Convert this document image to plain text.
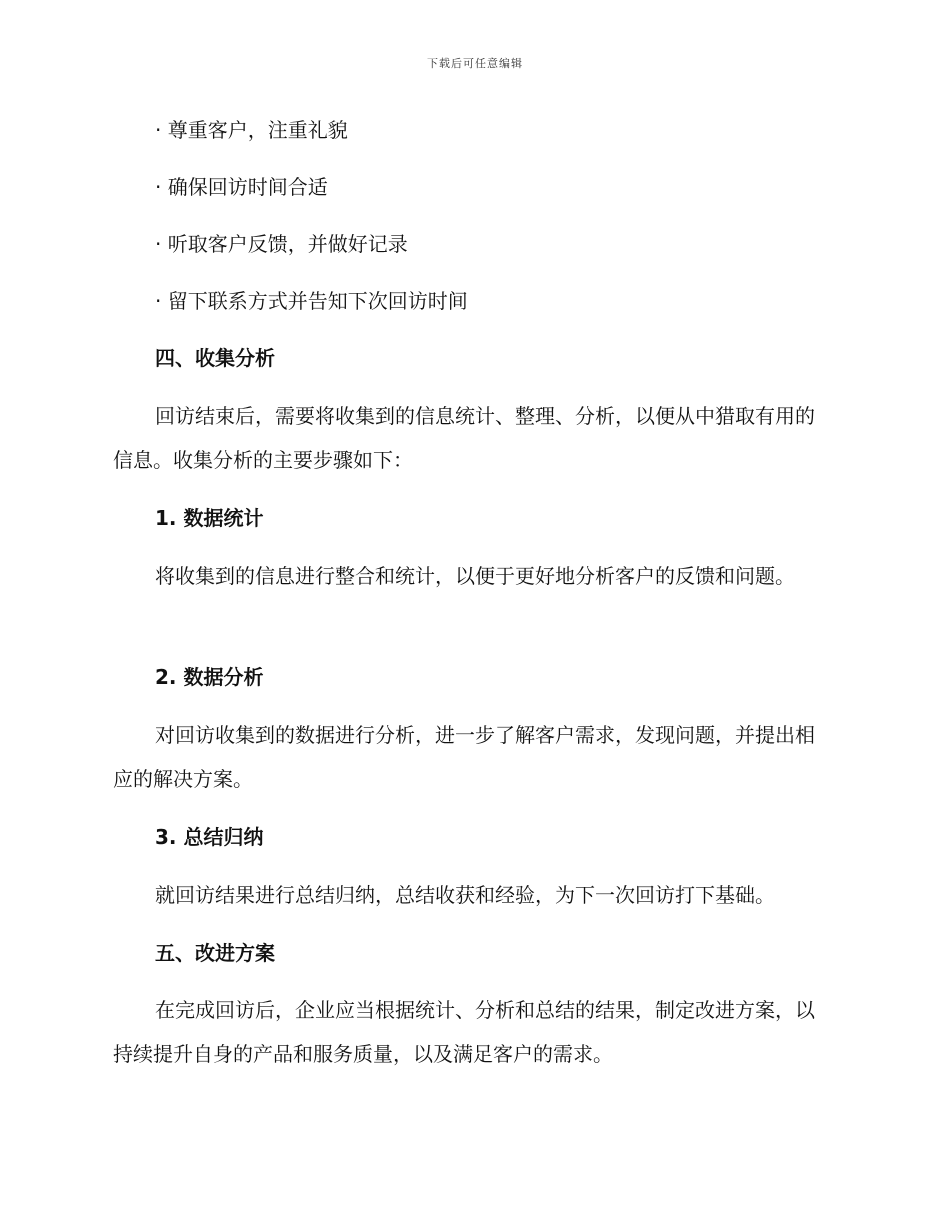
下载后可任意编辑
· 尊重客户，注重礼貌
· 确保回访时间合适
· 听取客户反馈，并做好记录
· 留下联系方式并告知下次回访时间
四、收集分析
回访结束后，需要将收集到的信息统计、整理、分析，以便从中猎取有用的信息。收集分析的主要步骤如下：
1. 数据统计
将收集到的信息进行整合和统计，以便于更好地分析客户的反馈和问题。
2. 数据分析
对回访收集到的数据进行分析，进一步了解客户需求，发现问题，并提出相应的解决方案。
3. 总结归纳
就回访结果进行总结归纳，总结收获和经验，为下一次回访打下基础。
五、改进方案
在完成回访后，企业应当根据统计、分析和总结的结果，制定改进方案，以持续提升自身的产品和服务质量，以及满足客户的需求。
